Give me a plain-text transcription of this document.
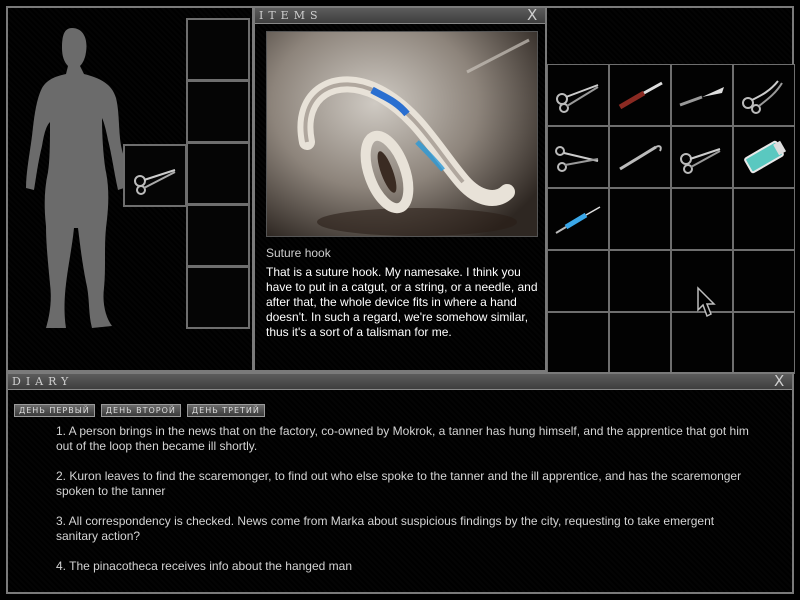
ITEMS	X
Suture hook
That is a suture hook. My namesake. I think you have to put in a catgut, or a string, or a needle, and after that, the whole device fits in where a hand doesn't. In such a regard, we're somehow similar, thus it's a sort of a talisman for me.
DIARY	X
ДЕНЬ ПЕРВЫЙ	ДЕНЬ ВТОРОЙ	ДЕНЬ ТРЕТИЙ

1. A person brings in the news that on the factory, co-owned by Mokrok, a tanner has hung himself, and the apprentice that got him out of the loop then became ill shortly.

2. Kuron leaves to find the scaremonger, to find out who else spoke to the tanner and the ill apprentice, and has the scaremonger spoken to the tanner

3. All correspondency is checked. News come from Marka about suspicious findings by the city, requesting to take emergent sanitary action?

4. The pinacotheca receives info about the hanged man
